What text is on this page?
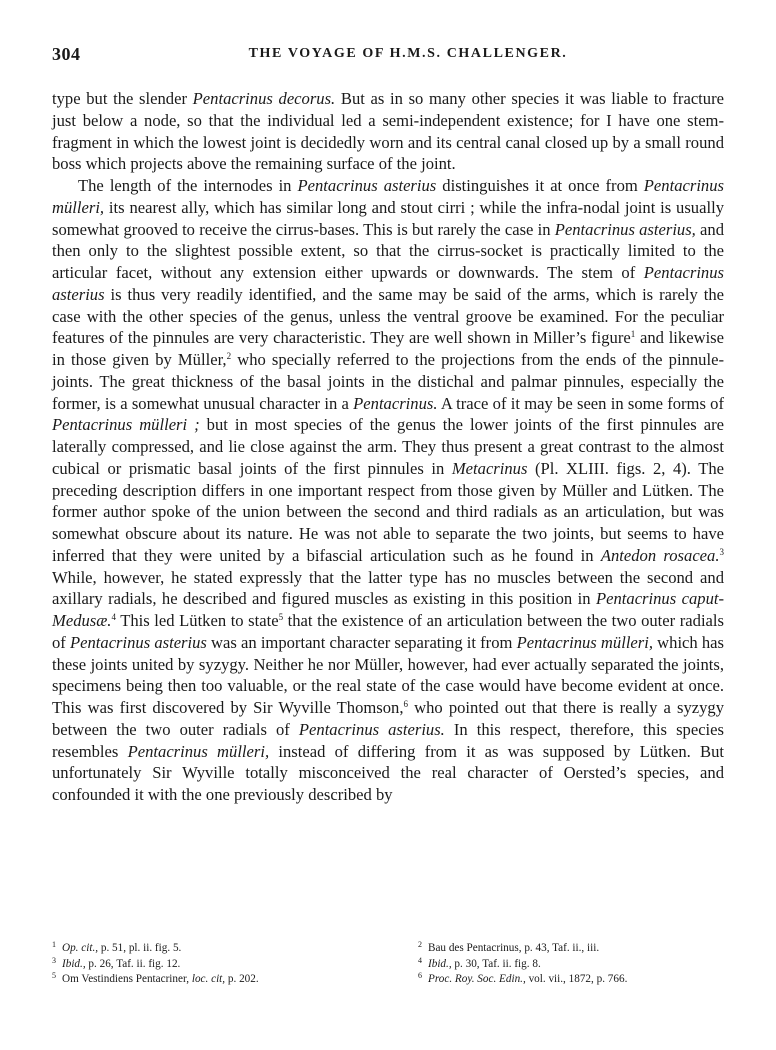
304	THE VOYAGE OF H.M.S. CHALLENGER.

type but the slender Pentacrinus decorus. But as in so many other species it was liable to fracture just below a node, so that the individual led a semi-independent existence; for I have one stem-fragment in which the lowest joint is decidedly worn and its central canal closed up by a small round boss which projects above the remaining surface of the joint.

The length of the internodes in Pentacrinus asterius distinguishes it at once from Pentacrinus mülleri, its nearest ally, which has similar long and stout cirri ; while the infra-nodal joint is usually somewhat grooved to receive the cirrus-bases. This is but rarely the case in Pentacrinus asterius, and then only to the slightest possible extent, so that the cirrus-socket is practically limited to the articular facet, without any extension either upwards or downwards. The stem of Pentacrinus asterius is thus very readily identified, and the same may be said of the arms, which is rarely the case with the other species of the genus, unless the ventral groove be examined. For the peculiar features of the pinnules are very characteristic. They are well shown in Miller’s figure$^1$ and likewise in those given by Müller,$^2$ who specially referred to the projections from the ends of the pinnule-joints. The great thickness of the basal joints in the distichal and palmar pinnules, especially the former, is a somewhat unusual character in a Pentacrinus. A trace of it may be seen in some forms of Pentacrinus mülleri ; but in most species of the genus the lower joints of the first pinnules are laterally compressed, and lie close against the arm. They thus present a great contrast to the almost cubical or prismatic basal joints of the first pinnules in Metacrinus (Pl. XLIII. figs. 2, 4). The preceding description differs in one important respect from those given by Müller and Lütken. The former author spoke of the union between the second and third radials as an articulation, but was somewhat obscure about its nature. He was not able to separate the two joints, but seems to have inferred that they were united by a bifascial articulation such as he found in Antedon rosacea.$^3$ While, however, he stated expressly that the latter type has no muscles between the second and axillary radials, he described and figured muscles as existing in this position in Pentacrinus caput-Medusæ.$^4$ This led Lütken to state$^5$ that the existence of an articulation between the two outer radials of Pentacrinus asterius was an important character separating it from Pentacrinus mülleri, which has these joints united by syzygy. Neither he nor Müller, however, had ever actually separated the joints, specimens being then too valuable, or the real state of the case would have become evident at once. This was first discovered by Sir Wyville Thomson,$^6$ who pointed out that there is really a syzygy between the two outer radials of Pentacrinus asterius. In this respect, therefore, this species resembles Pentacrinus mülleri, instead of differing from it as was supposed by Lütken. But unfortunately Sir Wyville totally misconceived the real character of Oersted’s species, and confounded it with the one previously described by

1 Op. cit., p. 51, pl. ii. fig. 5.
3 Ibid., p. 26, Taf. ii. fig. 12.
5 Om Vestindiens Pentacriner, loc. cit, p. 202.
2 Bau des Pentacrinus, p. 43, Taf. ii., iii.
4 Ibid., p. 30, Taf. ii. fig. 8.
6 Proc. Roy. Soc. Edin., vol. vii., 1872, p. 766.
